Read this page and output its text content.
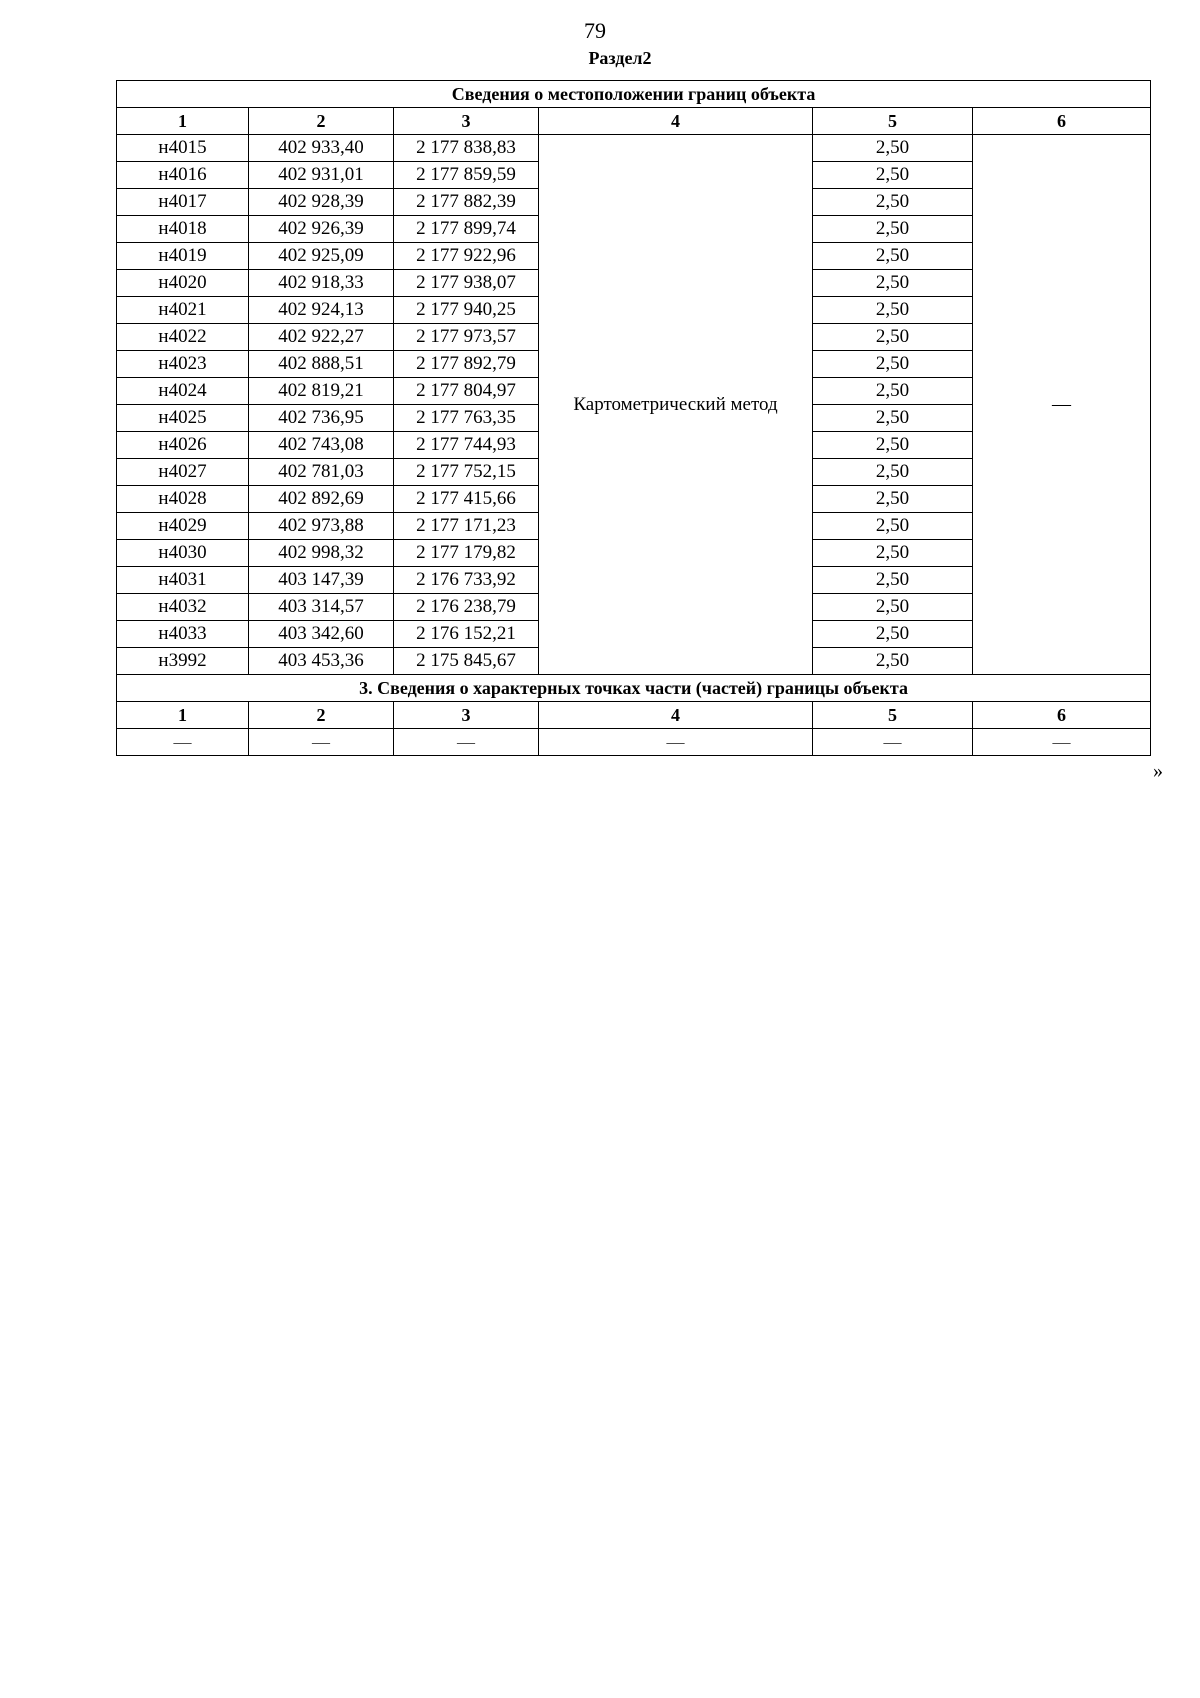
79
Раздел2
Сведения о местоположении границ объекта					
1	2	3	4	5	6
н4015	402 933,40	2 177 838,83	Картометрический метод	2,50	—
н4016	402 931,01	2 177 859,59		2,50	
н4017	402 928,39	2 177 882,39		2,50	
н4018	402 926,39	2 177 899,74		2,50	
н4019	402 925,09	2 177 922,96		2,50	
н4020	402 918,33	2 177 938,07		2,50	
н4021	402 924,13	2 177 940,25		2,50	
н4022	402 922,27	2 177 973,57		2,50	
н4023	402 888,51	2 177 892,79		2,50	
н4024	402 819,21	2 177 804,97		2,50	
н4025	402 736,95	2 177 763,35		2,50	
н4026	402 743,08	2 177 744,93		2,50	
н4027	402 781,03	2 177 752,15		2,50	
н4028	402 892,69	2 177 415,66		2,50	
н4029	402 973,88	2 177 171,23		2,50	
н4030	402 998,32	2 177 179,82		2,50	
н4031	403 147,39	2 176 733,92		2,50	
н4032	403 314,57	2 176 238,79		2,50	
н4033	403 342,60	2 176 152,21		2,50	
н3992	403 453,36	2 175 845,67		2,50	
3. Сведения о характерных точках части (частей) границы объекта					
1	2	3	4	5	6
—	—	—	—	—	—
»
